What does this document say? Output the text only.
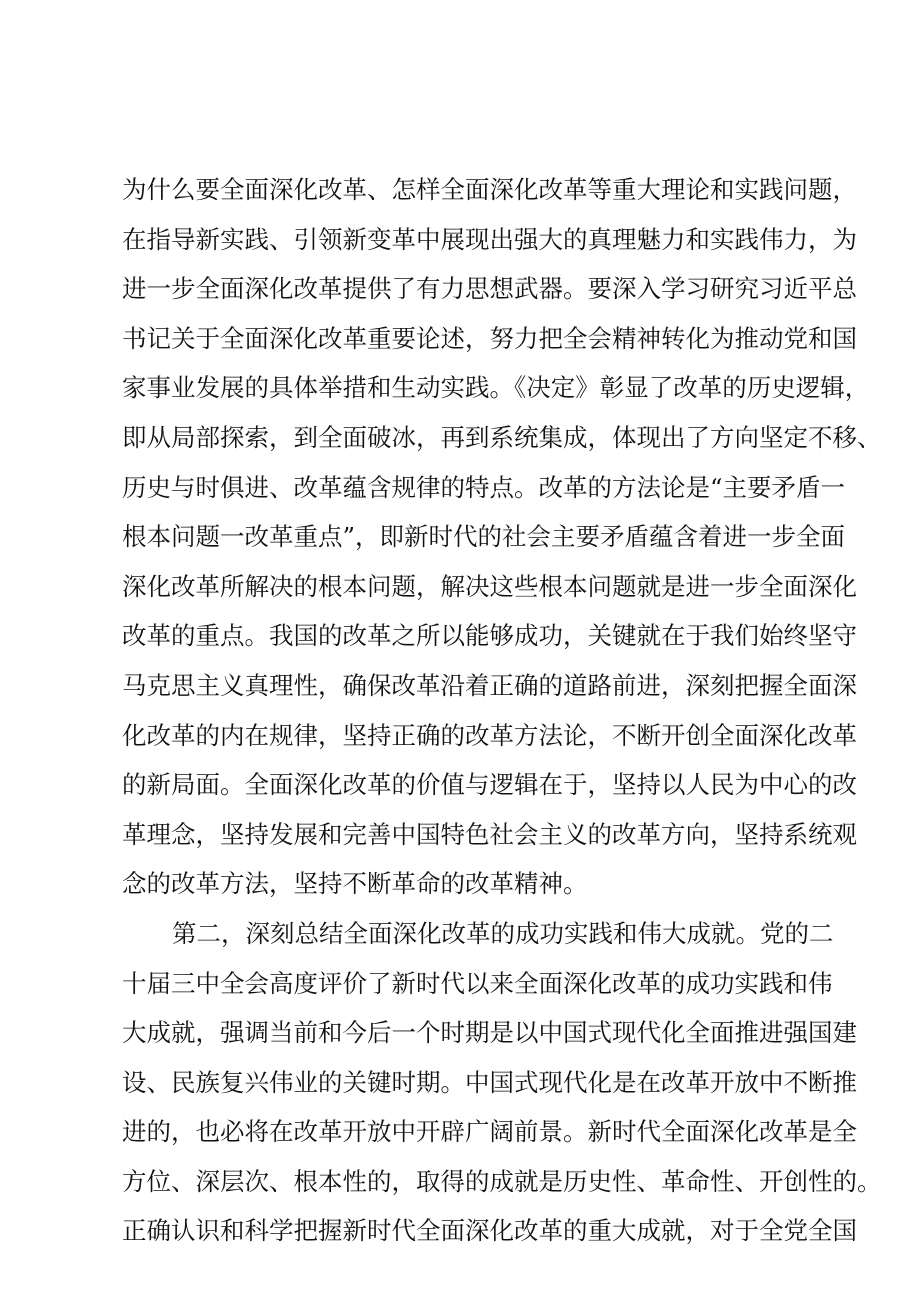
为什么要全面深化改革、怎样全面深化改革等重大理论和实践问题，
在指导新实践、引领新变革中展现出强大的真理魅力和实践伟力，为
进一步全面深化改革提供了有力思想武器。要深入学习研究习近平总
书记关于全面深化改革重要论述，努力把全会精神转化为推动党和国
家事业发展的具体举措和生动实践。《决定》彰显了改革的历史逻辑，
即从局部探索，到全面破冰，再到系统集成，体现出了方向坚定不移、
历史与时俱进、改革蕴含规律的特点。改革的方法论是“主要矛盾一
根本问题一改革重点”，即新时代的社会主要矛盾蕴含着进一步全面
深化改革所解决的根本问题，解决这些根本问题就是进一步全面深化
改革的重点。我国的改革之所以能够成功，关键就在于我们始终坚守
马克思主义真理性，确保改革沿着正确的道路前进，深刻把握全面深
化改革的内在规律，坚持正确的改革方法论，不断开创全面深化改革
的新局面。全面深化改革的价值与逻辑在于，坚持以人民为中心的改
革理念，坚持发展和完善中国特色社会主义的改革方向，坚持系统观
念的改革方法，坚持不断革命的改革精神。
第二，深刻总结全面深化改革的成功实践和伟大成就。党的二
十届三中全会高度评价了新时代以来全面深化改革的成功实践和伟
大成就，强调当前和今后一个时期是以中国式现代化全面推进强国建
设、民族复兴伟业的关键时期。中国式现代化是在改革开放中不断推
进的，也必将在改革开放中开辟广阔前景。新时代全面深化改革是全
方位、深层次、根本性的，取得的成就是历史性、革命性、开创性的。
正确认识和科学把握新时代全面深化改革的重大成就，对于全党全国
